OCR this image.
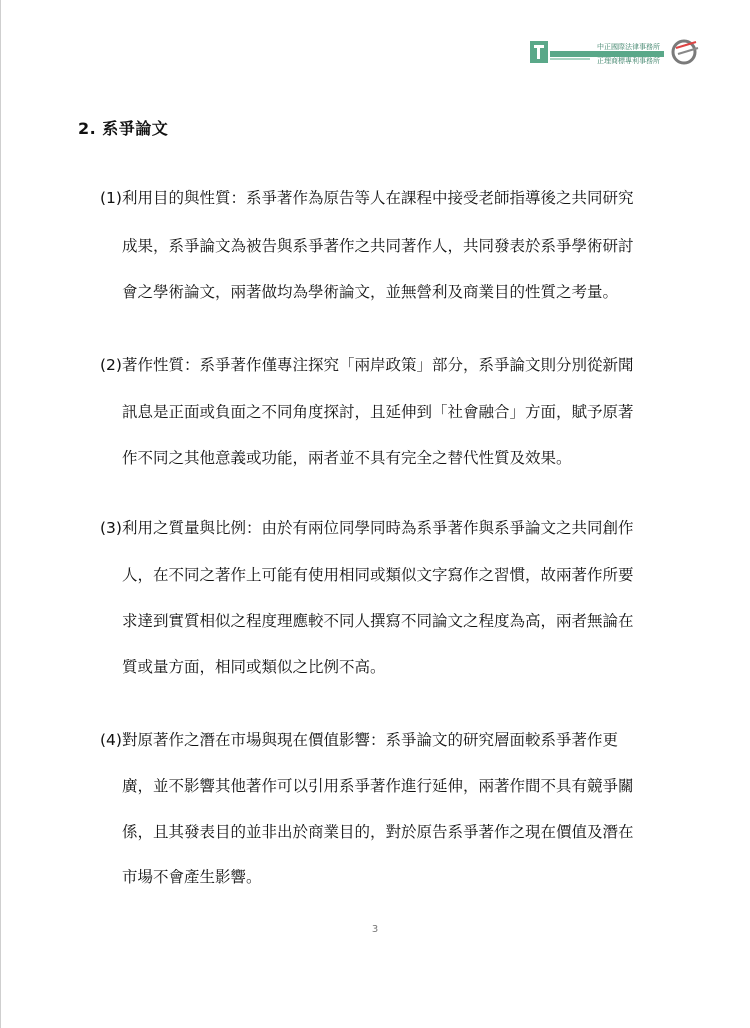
中正國際法律事務所
正理商標專利事務所
2. 系爭論文
(1)利用目的與性質：系爭著作為原告等人在課程中接受老師指導後之共同研究
成果，系爭論文為被告與系爭著作之共同著作人，共同發表於系爭學術研討
會之學術論文，兩著做均為學術論文，並無營利及商業目的性質之考量。
(2)著作性質：系爭著作僅專注探究「兩岸政策」部分，系爭論文則分別從新聞
訊息是正面或負面之不同角度探討，且延伸到「社會融合」方面，賦予原著
作不同之其他意義或功能，兩者並不具有完全之替代性質及效果。
(3)利用之質量與比例：由於有兩位同學同時為系爭著作與系爭論文之共同創作
人，在不同之著作上可能有使用相同或類似文字寫作之習慣，故兩著作所要
求達到實質相似之程度理應較不同人撰寫不同論文之程度為高，兩者無論在
質或量方面，相同或類似之比例不高。
(4)對原著作之潛在市場與現在價值影響：系爭論文的研究層面較系爭著作更
廣，並不影響其他著作可以引用系爭著作進行延伸，兩著作間不具有競爭關
係，且其發表目的並非出於商業目的，對於原告系爭著作之現在價值及潛在
市場不會產生影響。
3
